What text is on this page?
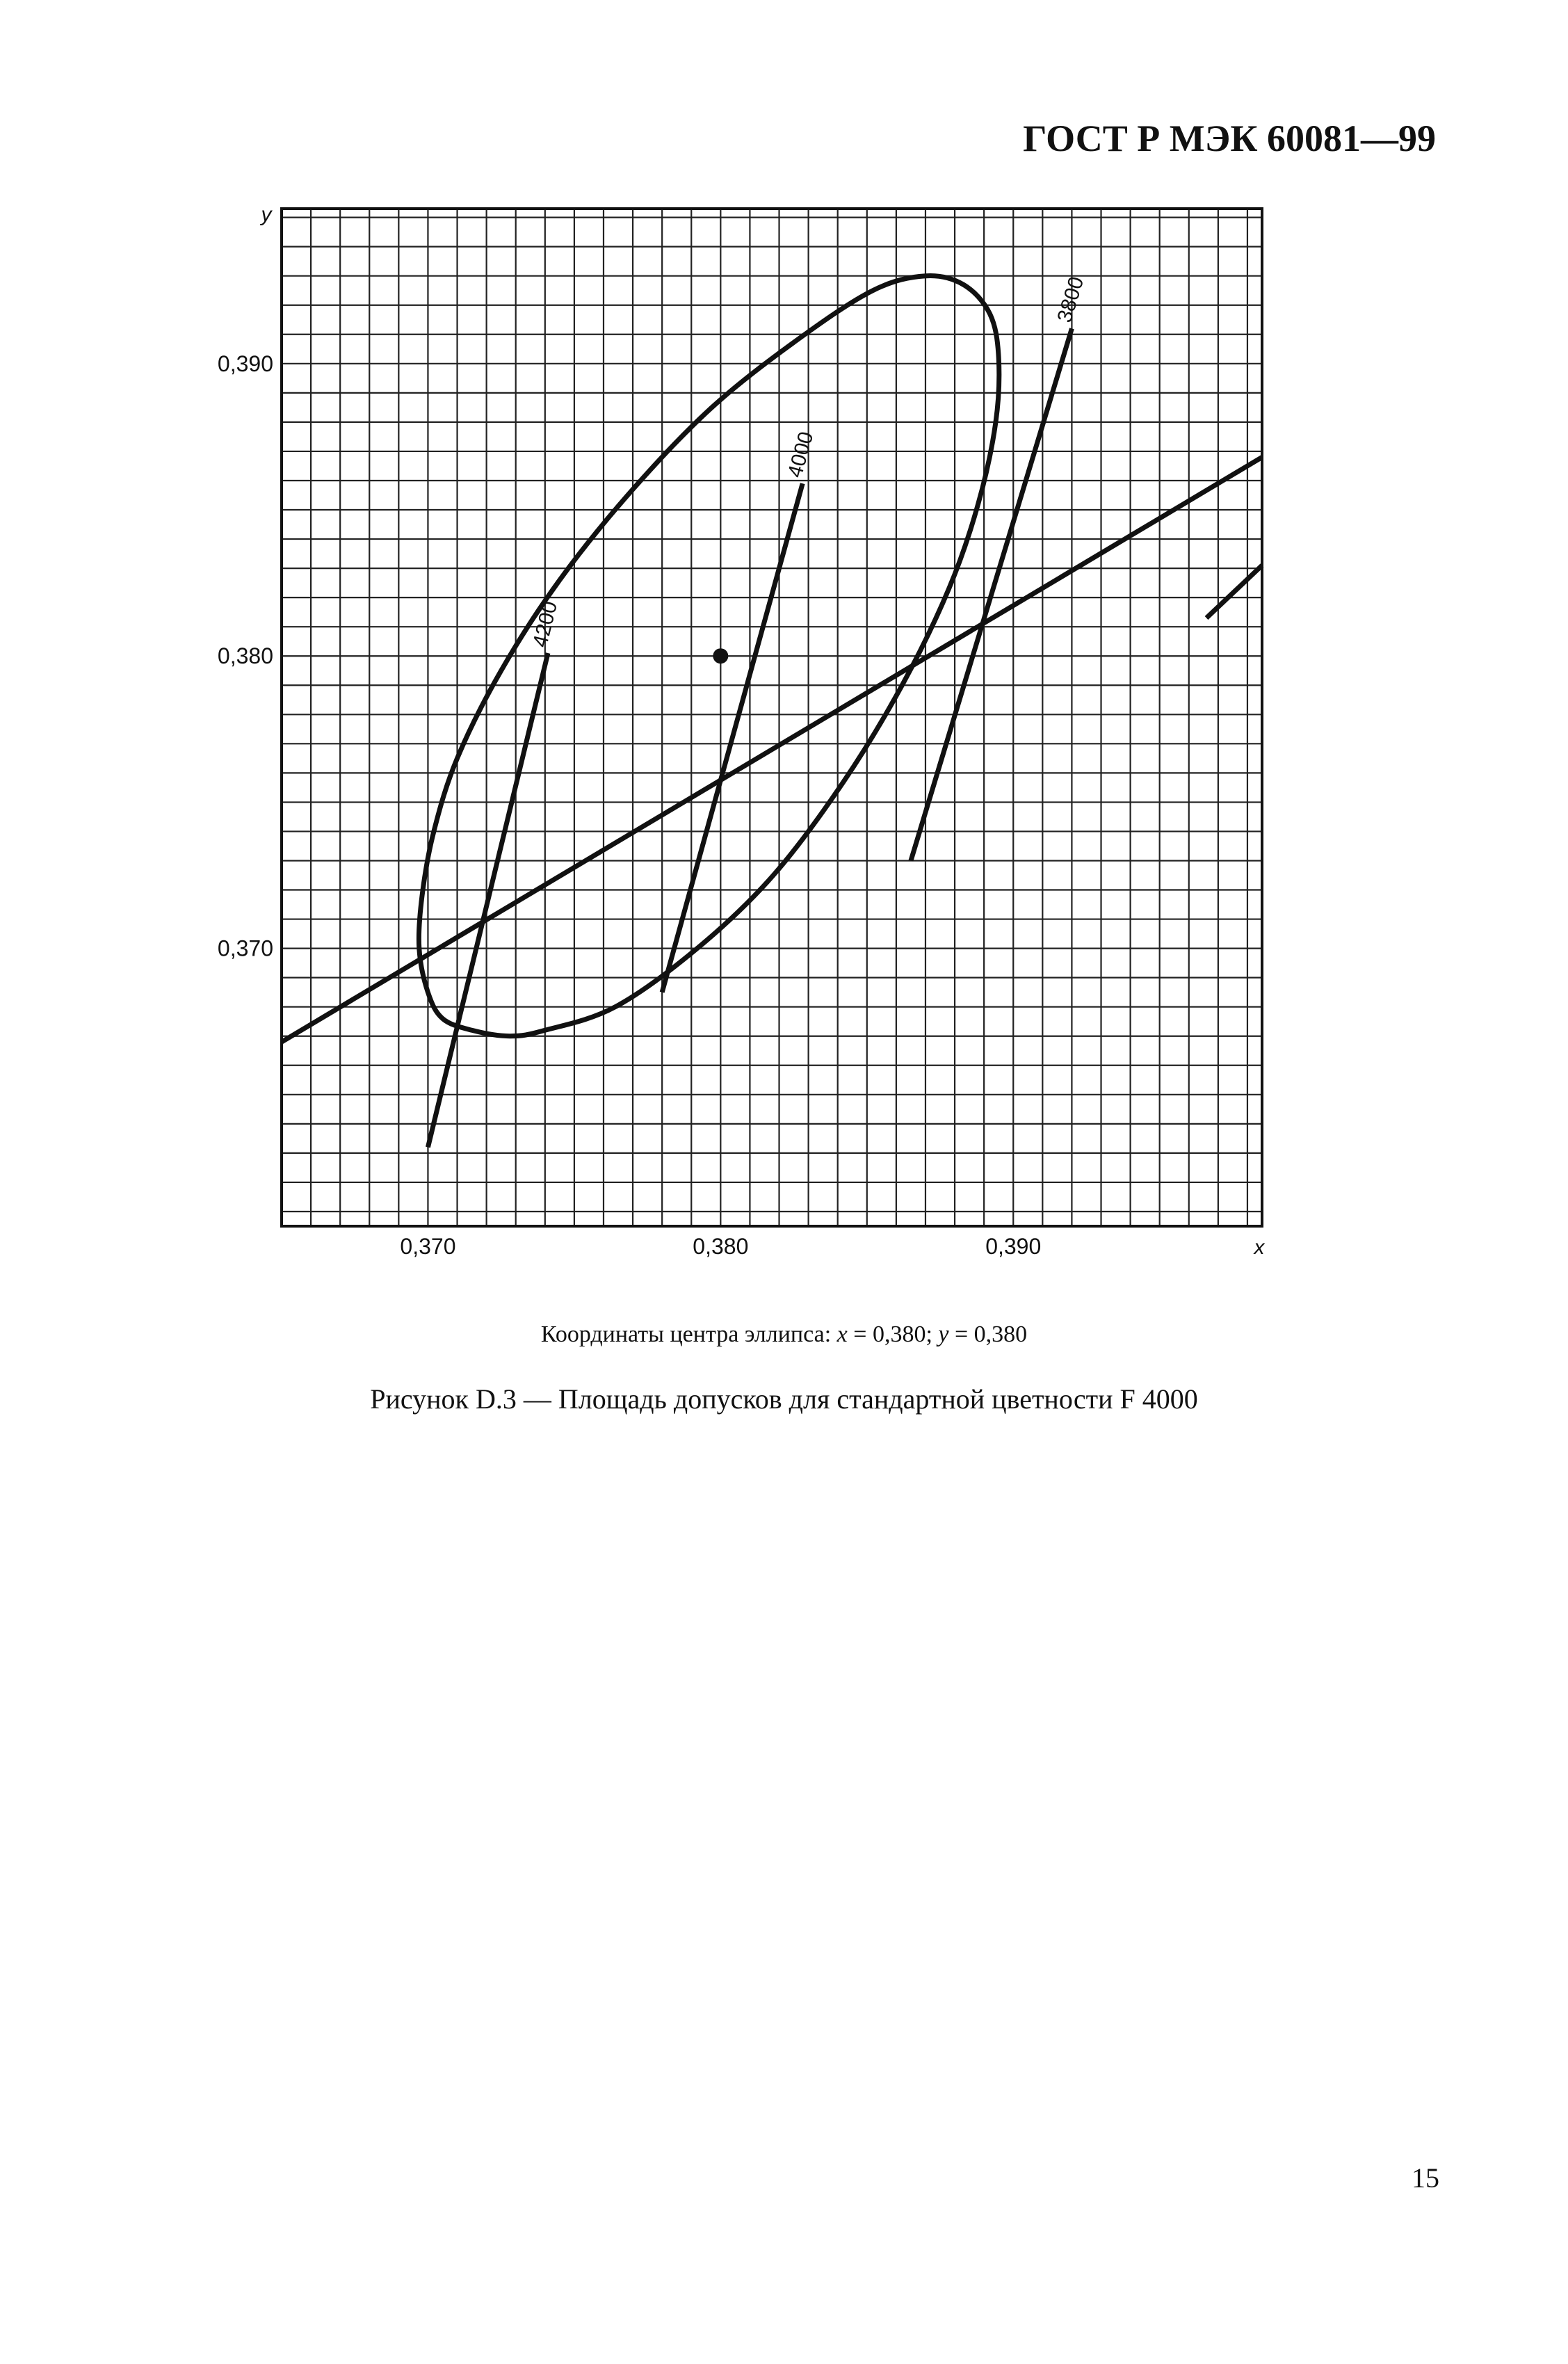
ГОСТ Р МЭК 60081—99
0,370	0,380	0,390
0,370
0,380
0,390
x
y
4200
4000
3800
Координаты центра эллипса: x = 0,380; y = 0,380
Рисунок D.3 — Площадь допусков для стандартной цветности F 4000
15
